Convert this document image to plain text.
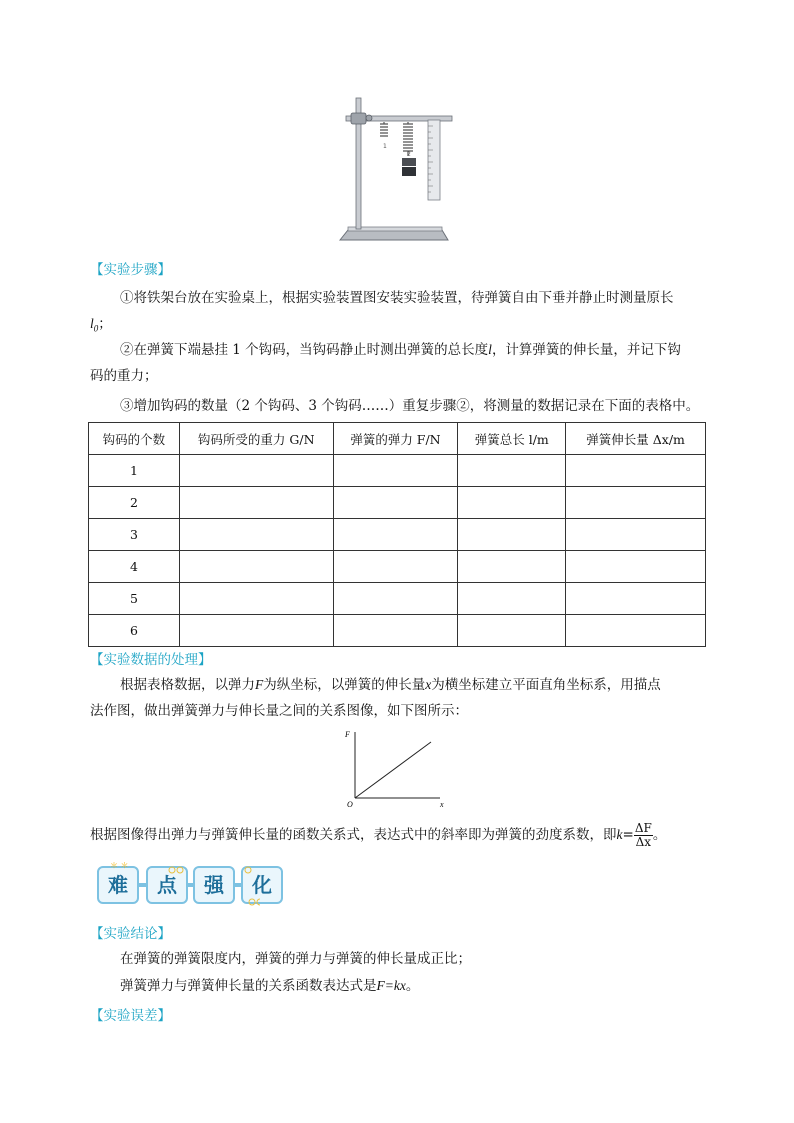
1
2
【实验步骤】
①将铁架台放在实验桌上，根据实验装置图安装实验装置，待弹簧自由下垂并静止时测量原长
$l_0$；
②在弹簧下端悬挂 1 个钩码，当钩码静止时测出弹簧的总长度l，计算弹簧的伸长量，并记下钩
码的重力；
③增加钩码的数量（2 个钩码、3 个钩码……）重复步骤②，将测量的数据记录在下面的表格中。
钩码的个数	钩码所受的重力 G/N	弹簧的弹力 F/N	弹簧总长 l/m	弹簧伸长量 Δx/m
1				
2				
3				
4				
5				
6				
【实验数据的处理】
根据表格数据，以弹力F为纵坐标，以弹簧的伸长量x为横坐标建立平面直角坐标系，用描点
法作图，做出弹簧弹力与伸长量之间的关系图像，如下图所示：
F
x
O
根据图像得出弹力与弹簧伸长量的函数关系式，表达式中的斜率即为弹簧的劲度系数，即$k= \frac{\Delta F}{\Delta x}$。
难	点	强	化
＊ ＊
【实验结论】
在弹簧的弹簧限度内，弹簧的弹力与弹簧的伸长量成正比；
弹簧弹力与弹簧伸长量的关系函数表达式是F=kx。
【实验误差】
